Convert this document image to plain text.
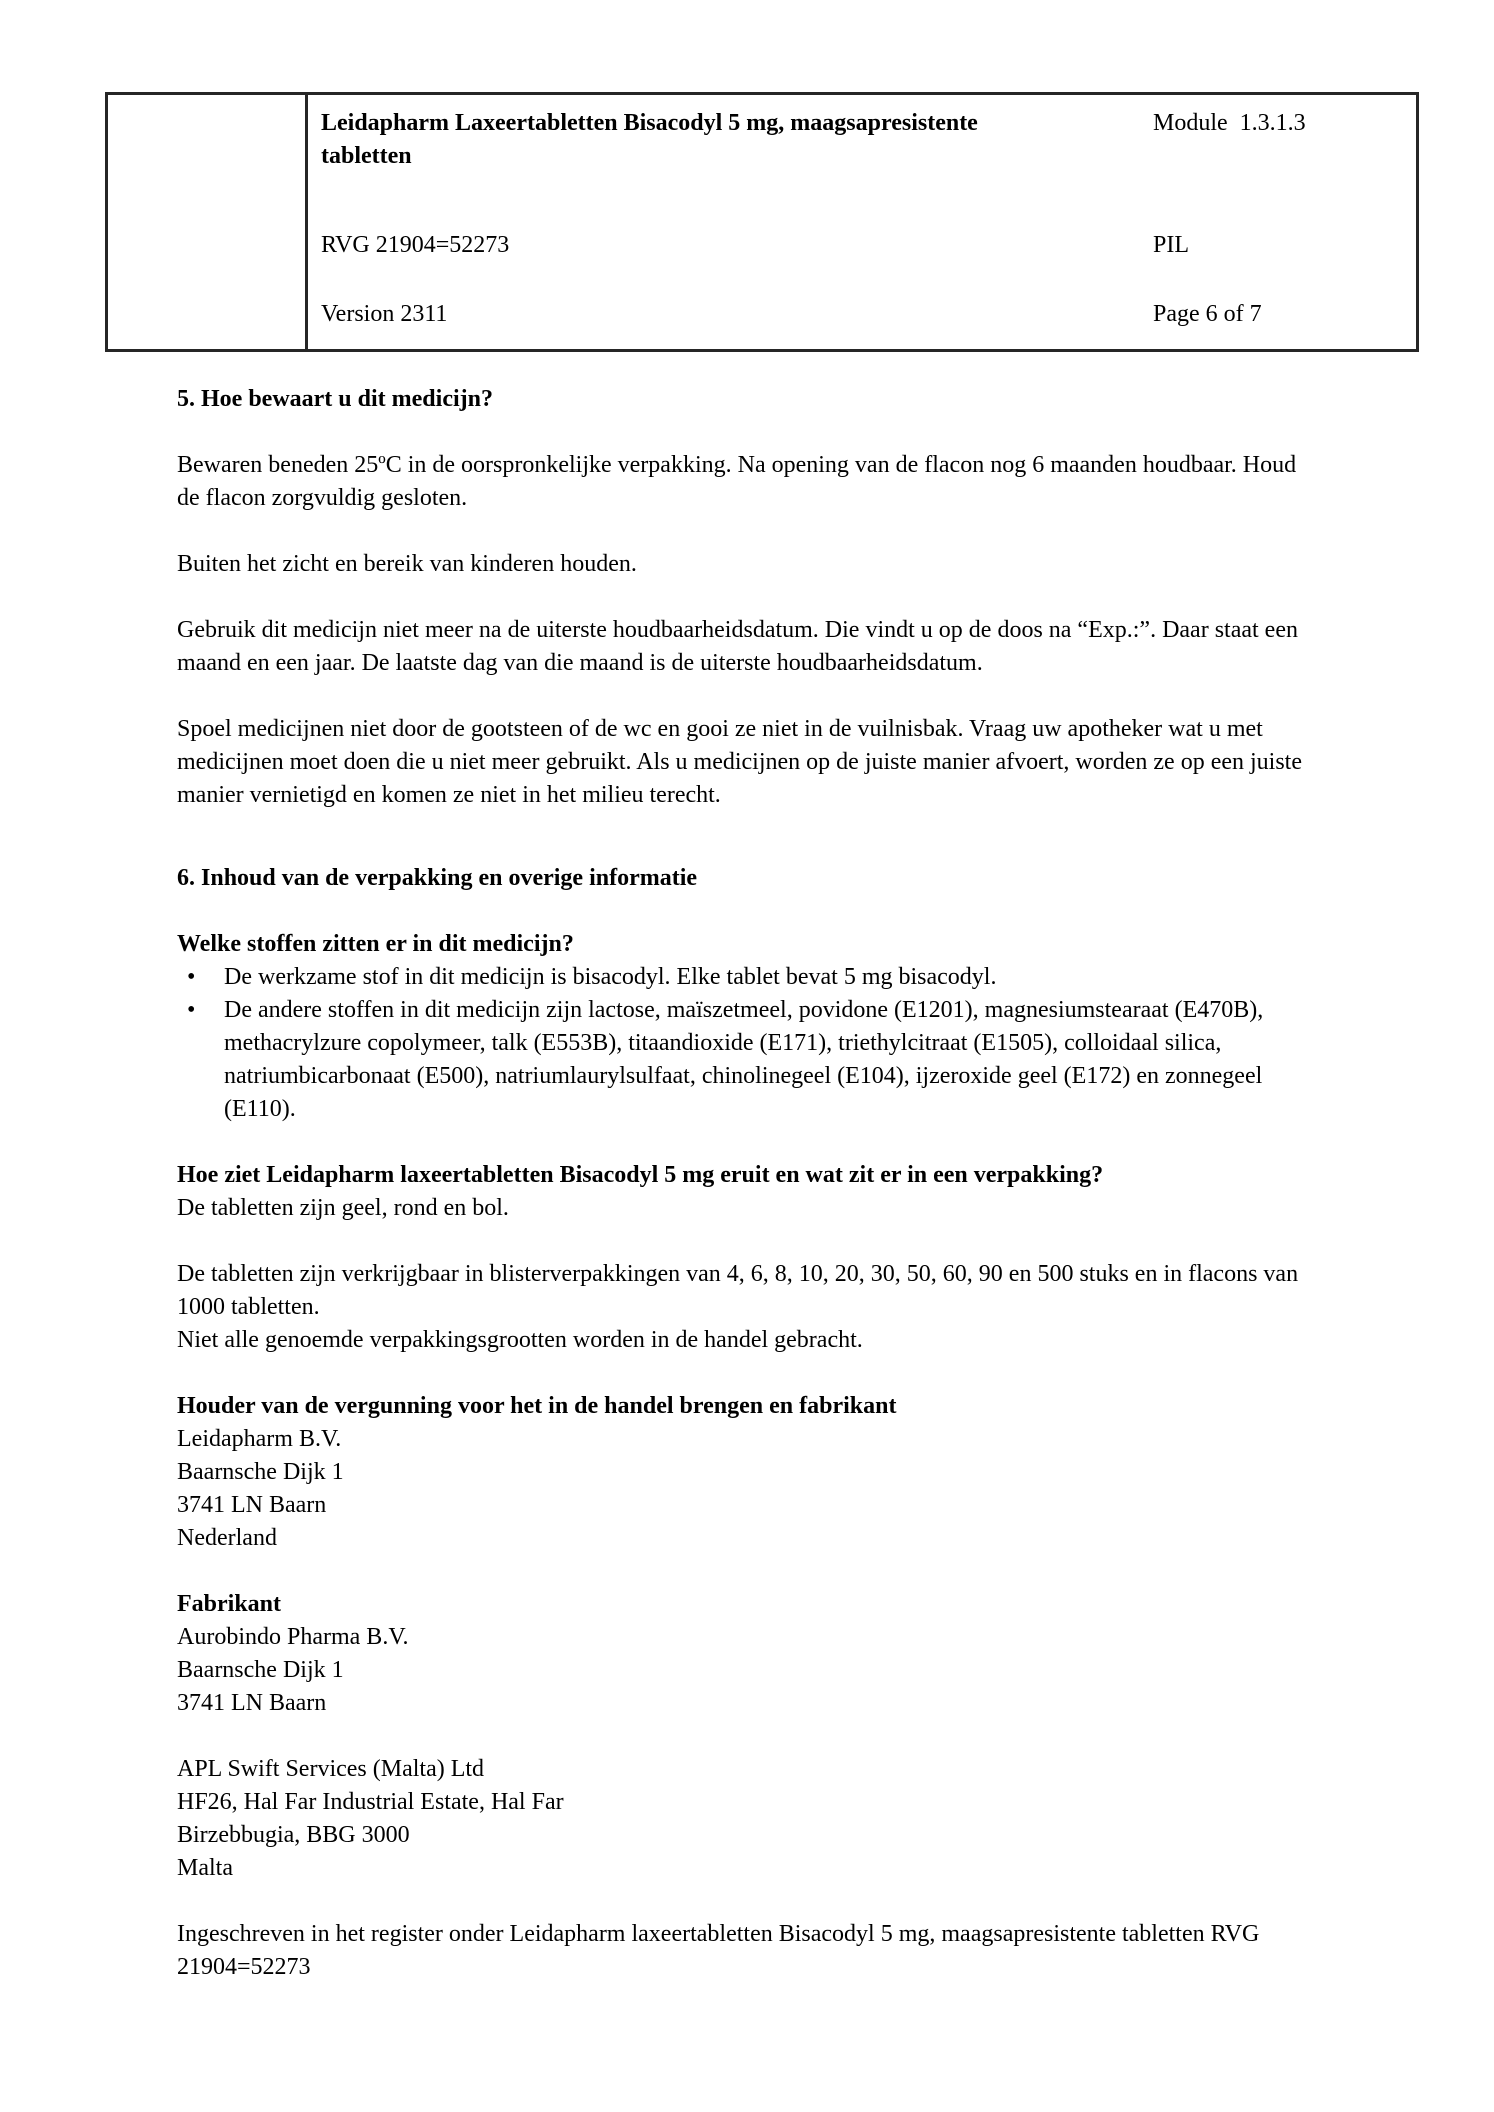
Leidapharm Laxeertabletten Bisacodyl 5 mg, maagsapresistente tabletten
Module  1.3.1.3
RVG 21904=52273	PIL
Version 2311	Page 6 of 7
5. Hoe bewaart u dit medicijn?

Bewaren beneden 25ºC in de oorspronkelijke verpakking. Na opening van de flacon nog 6 maanden houdbaar. Houd de flacon zorgvuldig gesloten.

Buiten het zicht en bereik van kinderen houden.

Gebruik dit medicijn niet meer na de uiterste houdbaarheidsdatum. Die vindt u op de doos na “Exp.:”. Daar staat een maand en een jaar. De laatste dag van die maand is de uiterste houdbaarheidsdatum.

Spoel medicijnen niet door de gootsteen of de wc en gooi ze niet in de vuilnisbak. Vraag uw apotheker wat u met medicijnen moet doen die u niet meer gebruikt. Als u medicijnen op de juiste manier afvoert, worden ze op een juiste manier vernietigd en komen ze niet in het milieu terecht.

6. Inhoud van de verpakking en overige informatie
Welke stoffen zitten er in dit medicijn?
• De werkzame stof in dit medicijn is bisacodyl. Elke tablet bevat 5 mg bisacodyl.
• De andere stoffen in dit medicijn zijn lactose, maïszetmeel, povidone (E1201), magnesiumstearaat (E470B), methacrylzure copolymeer, talk (E553B), titaandioxide (E171), triethylcitraat (E1505), colloidaal silica, natriumbicarbonaat (E500), natriumlaurylsulfaat, chinolinegeel (E104), ijzeroxide geel (E172) en zonnegeel (E110).
Hoe ziet Leidapharm laxeertabletten Bisacodyl 5 mg eruit en wat zit er in een verpakking?

De tabletten zijn geel, rond en bol.

De tabletten zijn verkrijgbaar in blisterverpakkingen van 4, 6, 8, 10, 20, 30, 50, 60, 90 en 500 stuks en in flacons van 1000 tabletten.

Niet alle genoemde verpakkingsgrootten worden in de handel gebracht.

Houder van de vergunning voor het in de handel brengen en fabrikant
Leidapharm B.V.
Baarnsche Dijk 1
3741 LN Baarn
Nederland
Fabrikant
Aurobindo Pharma B.V.
Baarnsche Dijk 1
3741 LN Baarn
APL Swift Services (Malta) Ltd
HF26, Hal Far Industrial Estate, Hal Far
Birzebbugia, BBG 3000
Malta

Ingeschreven in het register onder Leidapharm laxeertabletten Bisacodyl 5 mg, maagsapresistente tabletten RVG 21904=52273
